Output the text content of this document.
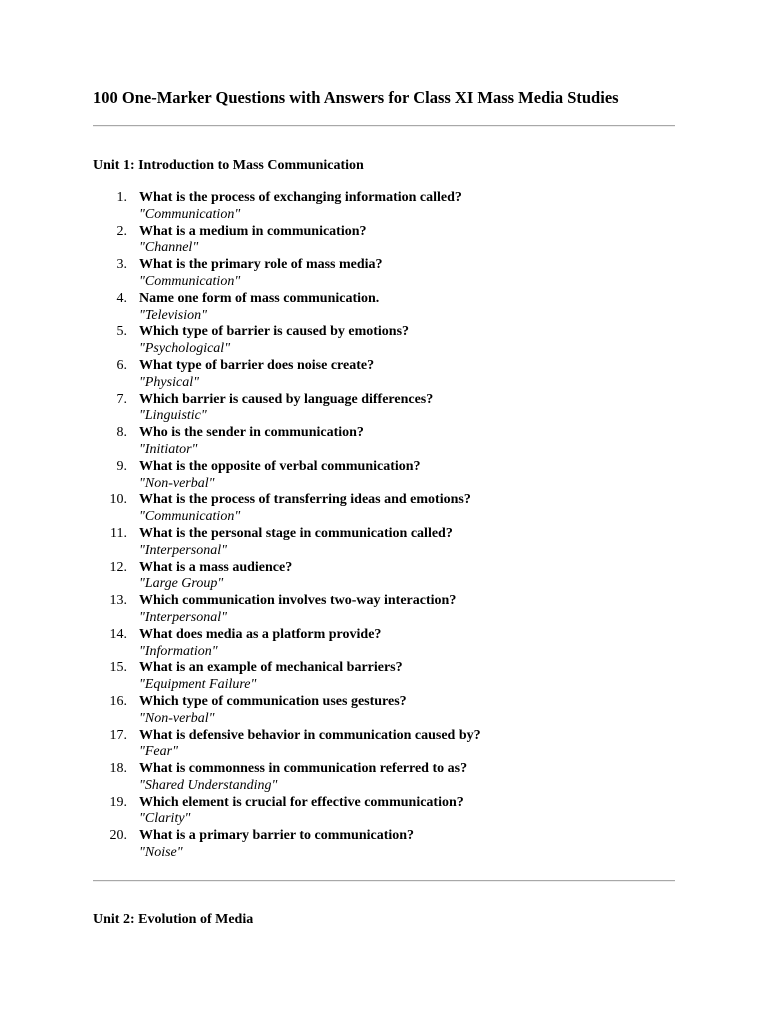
100 One-Marker Questions with Answers for Class XI Mass Media Studies
Unit 1: Introduction to Mass Communication
1. What is the process of exchanging information called?
"Communication"
2. What is a medium in communication?
"Channel"
3. What is the primary role of mass media?
"Communication"
4. Name one form of mass communication.
"Television"
5. Which type of barrier is caused by emotions?
"Psychological"
6. What type of barrier does noise create?
"Physical"
7. Which barrier is caused by language differences?
"Linguistic"
8. Who is the sender in communication?
"Initiator"
9. What is the opposite of verbal communication?
"Non-verbal"
10. What is the process of transferring ideas and emotions?
"Communication"
11. What is the personal stage in communication called?
"Interpersonal"
12. What is a mass audience?
"Large Group"
13. Which communication involves two-way interaction?
"Interpersonal"
14. What does media as a platform provide?
"Information"
15. What is an example of mechanical barriers?
"Equipment Failure"
16. Which type of communication uses gestures?
"Non-verbal"
17. What is defensive behavior in communication caused by?
"Fear"
18. What is commonness in communication referred to as?
"Shared Understanding"
19. Which element is crucial for effective communication?
"Clarity"
20. What is a primary barrier to communication?
"Noise"
Unit 2: Evolution of Media
